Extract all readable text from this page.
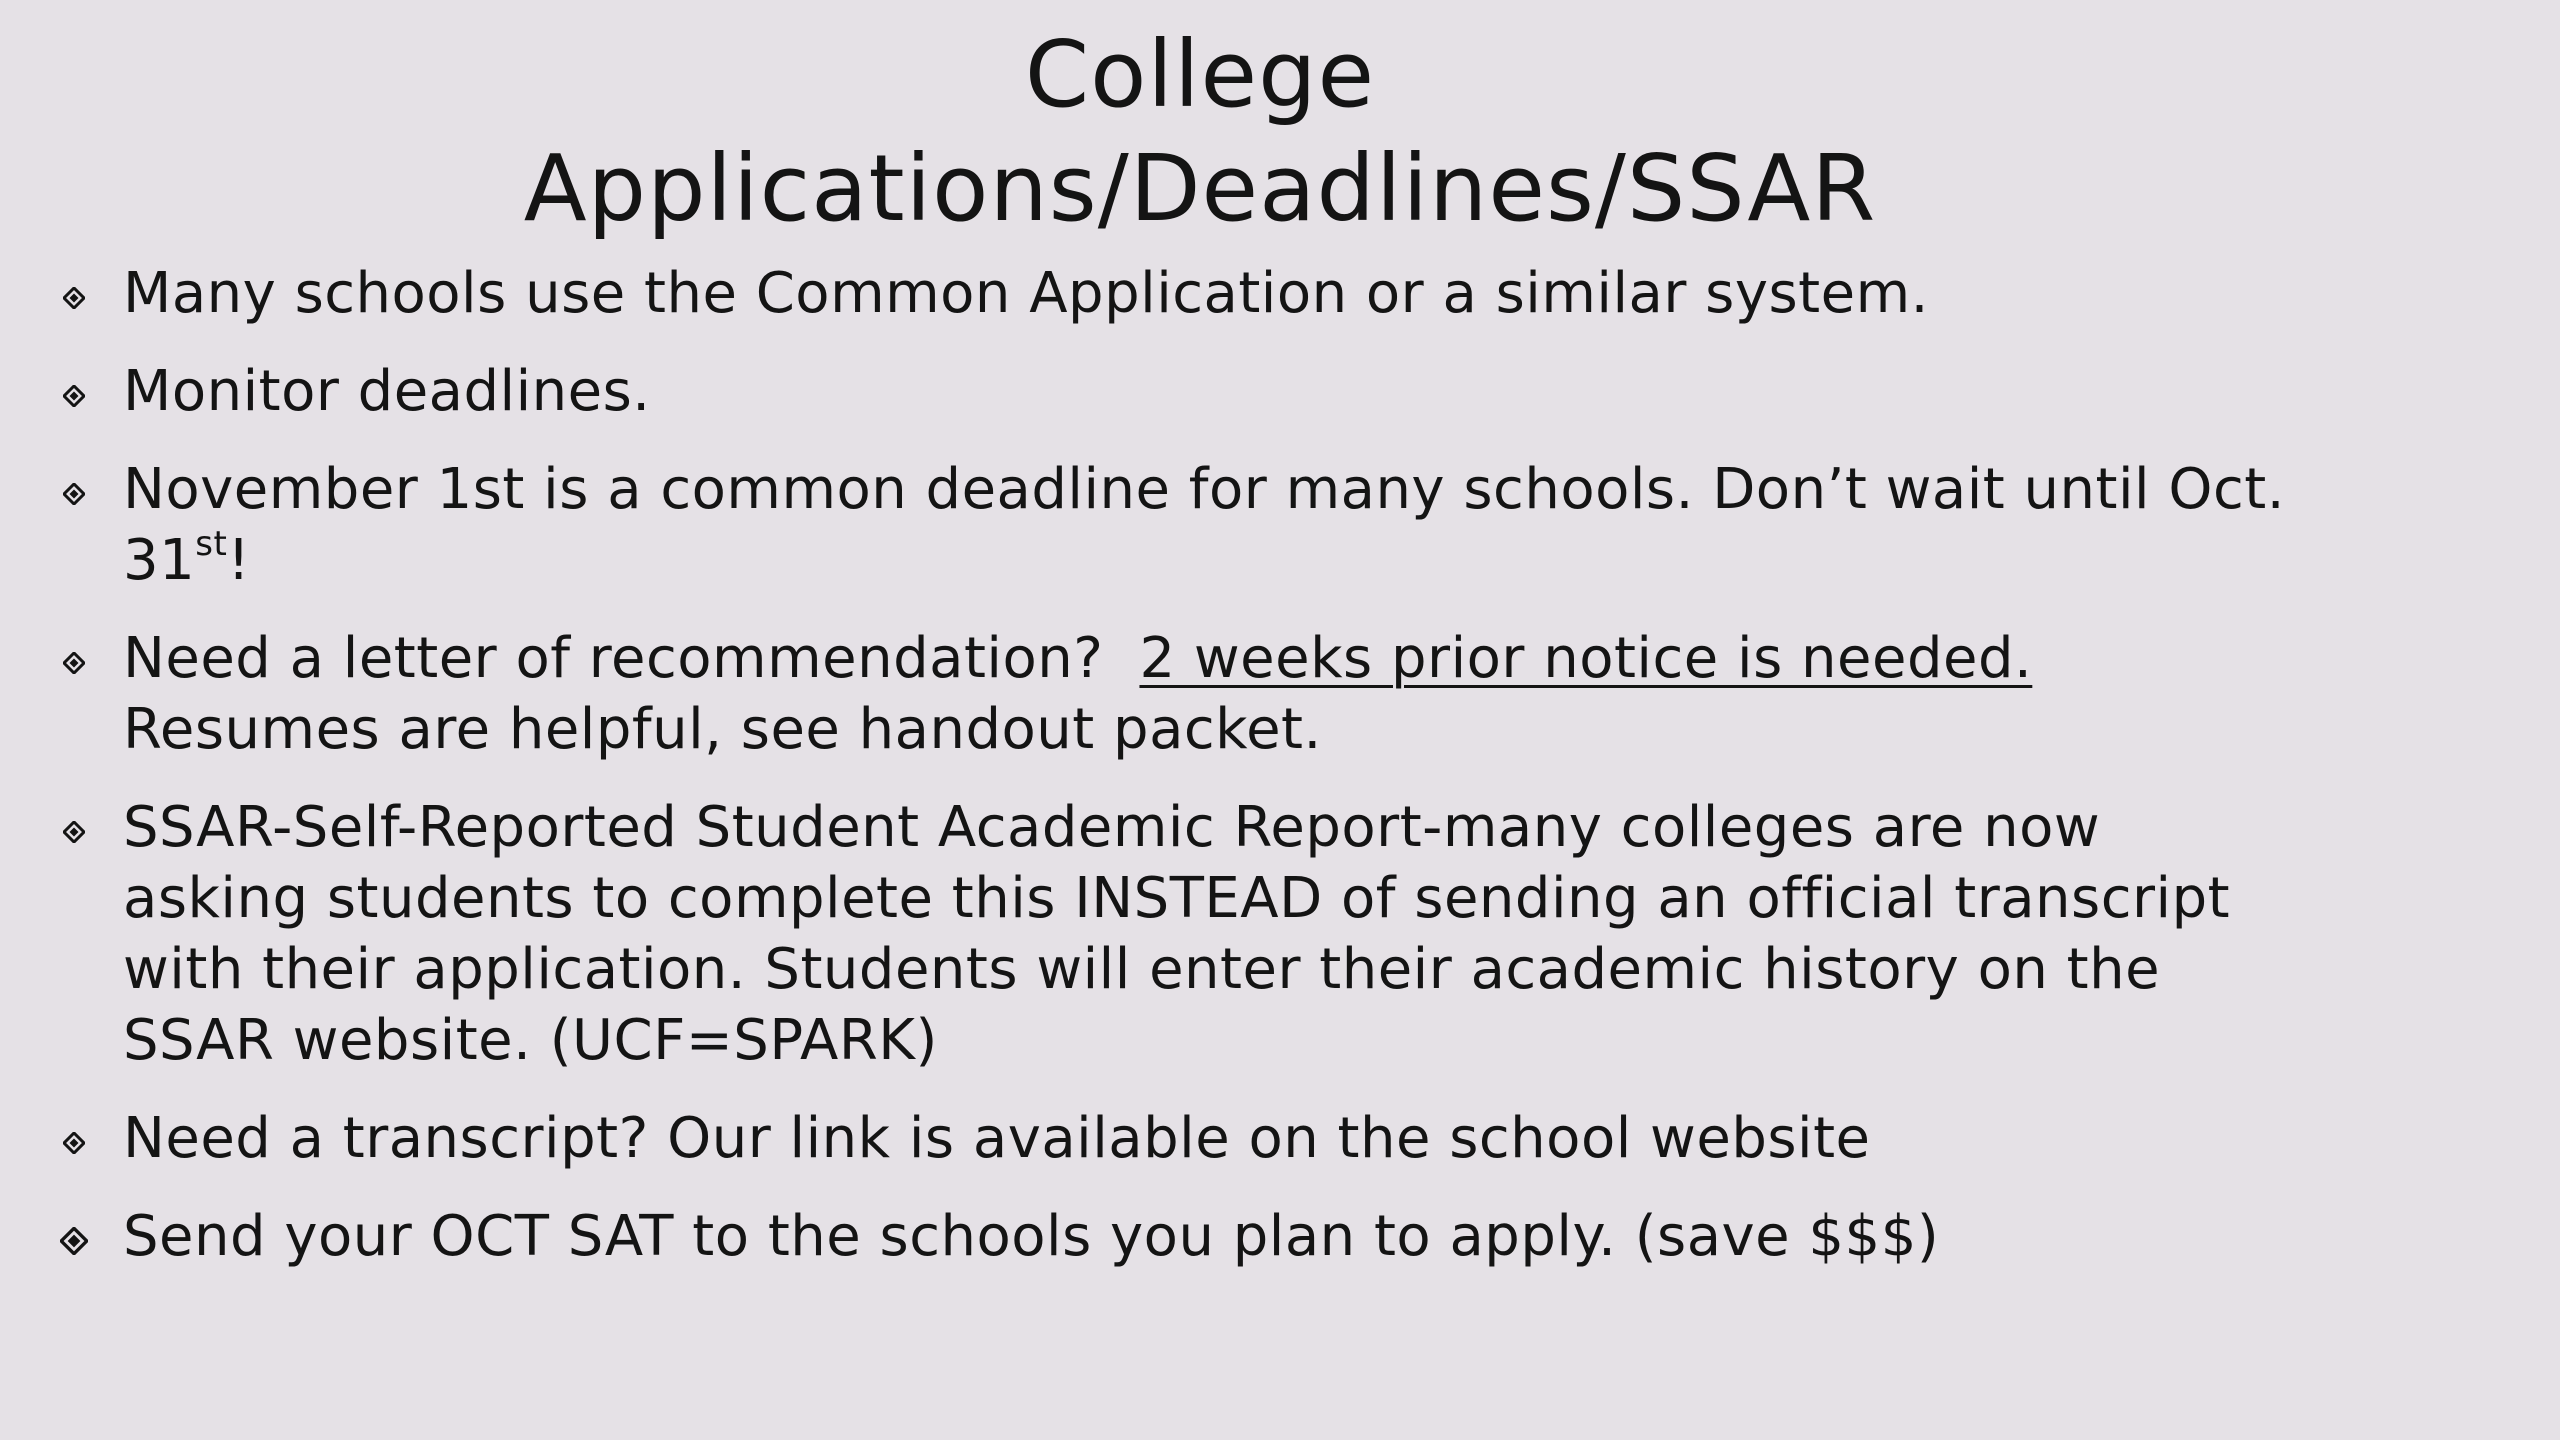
College
Applications/Deadlines/SSAR
Many schools use the Common Application or a similar system.
Monitor deadlines.
November 1st is a common deadline for many schools. Don’t wait until Oct.
31st!
Need a letter of recommendation? 2 weeks prior notice is needed.
Resumes are helpful, see handout packet.
SSAR-Self-Reported Student Academic Report-many colleges are now
asking students to complete this INSTEAD of sending an official transcript
with their application. Students will enter their academic history on the
SSAR website. (UCF=SPARK)
Need a transcript? Our link is available on the school website
Send your OCT SAT to the schools you plan to apply. (save $$$)
